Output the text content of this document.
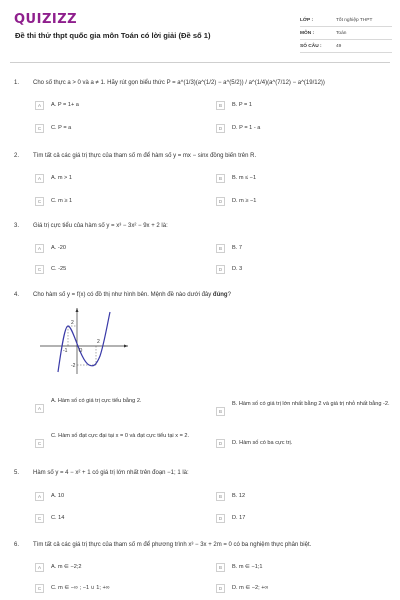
QUIZIZZ
Đề thi thử thpt quốc gia môn Toán có lời giải (Đề số 1)
LỚP :	Tốt nghiệp THPT
MÔN :	Toán
SỐ CÂU :	49
1. Cho số thực a > 0 và a ≠ 1. Hãy rút gọn biểu thức P = a^(1/3)(a^(1/2) − a^(5/2)) / a^(1/4)(a^(7/12) − a^(19/12))
A	A. P = 1+ a	B	B. P = 1
C	C. P = a	D	D. P = 1 - a
2. Tìm tất cả các giá trị thực của tham số m để hàm số y = mx − sinx đồng biến trên R.
A	A. m > 1	B	B. m ≤ −1
C	C. m ≥ 1	D	D. m ≥ −1
3. Giá trị cực tiểu của hàm số y = x³ − 3x² − 9x + 2 là:
A	A. -20	B	B. 7
C	C. -25	D	D. 3
4. Cho hàm số y = f(x) có đồ thị như hình bên. Mệnh đề nào dưới đây đúng?
2
-1 O
2
-2
A
A. Hàm số có giá trị cực tiểu bằng 2.
B
B. Hàm số có giá trị lớn nhất bằng 2 và giá trị nhỏ nhất bằng -2.
C
C. Hàm số đạt cực đại tại x = 0 và đạt cực tiểu tại x = 2.
D	D. Hàm số có ba cực trị.
5. Hàm số y = 4 − x² + 1 có giá trị lớn nhất trên đoạn −1; 1 là:
A	A. 10	B	B. 12
C	C. 14	D	D. 17
6. Tìm tất cả các giá trị thực của tham số m để phương trình x³ − 3x + 2m = 0 có ba nghiệm thực phân biệt.
A	A. m ∈ −2;2	B	B. m ∈ −1;1
C	C. m ∈ −∞ ; −1 ∪ 1; +∞	D	D. m ∈ −2; +∞
